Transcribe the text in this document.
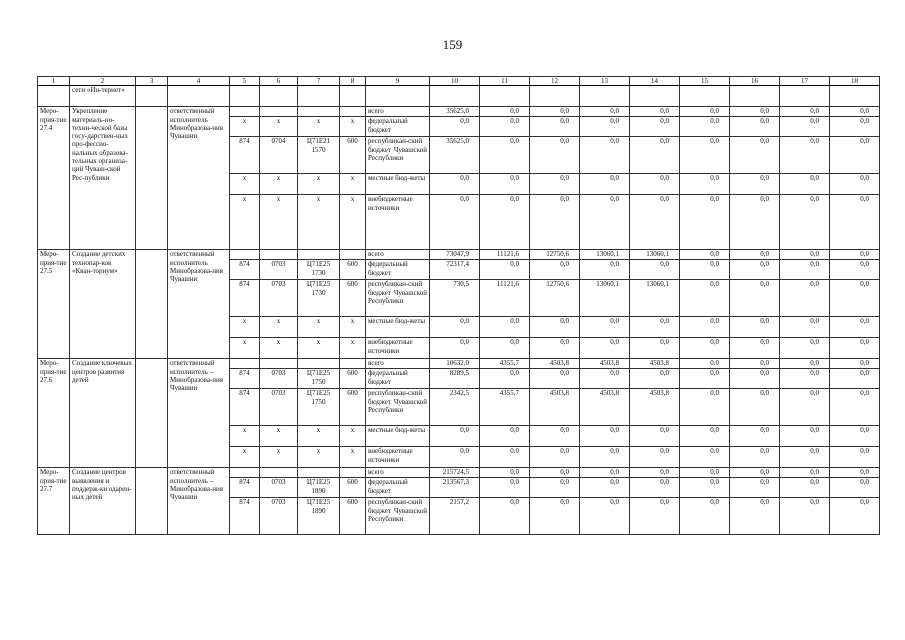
159
1	2	3	4	5	6	7	8	9	10	11	12	13	14	15	16	17	18
	сети «Ин-тернет»																
Меро-прия-тие 27.4	Укрепление материаль-но-техни-ческой базы госу-дарствен-ных про-фессио-нальных образова-тельных организа-ций Чуваш-ской Рес-публики		ответственный исполнитель Минобразова-ния Чувашии					всего	35625,0	0,0	0,0	0,0	0,0	0,0	0,0	0,0	0,0
				x	x	x	x	федеральный бюджет	0,0	0,0	0,0	0,0	0,0	0,0	0,0	0,0	0,0
				874	0704	Ц71Е21 1570	600	республикан-ский бюджет Чувашской Республики	35625,0	0,0	0,0	0,0	0,0	0,0	0,0	0,0	0,0
				x	x	x	x	местные бюд-жеты	0,0	0,0	0,0	0,0	0,0	0,0	0,0	0,0	0,0
				x	x	x	x	внебюджетные источники	0,0	0,0	0,0	0,0	0,0	0,0	0,0	0,0	0,0
Меро-прия-тие 27.5	Создание детских технопар-ков «Кван-ториум»		ответственный исполнитель Минобразова-ния Чувашии					всего	73047,9	11121,6	12750,6	13060,1	13060,1	0,0	0,0	0,0	0,0
				874	0703	Ц71Е25 1730	600	федеральный бюджет	72317,4	0,0	0,0	0,0	0,0	0,0	0,0	0,0	0,0
				874	0703	Ц71Е25 1730	600	республикан-ский бюджет Чувашской Республики	730,5	11121,6	12750,6	13060,1	13060,1	0,0	0,0	0,0	0,0
				x	x	x	x	местные бюд-жеты	0,0	0,0	0,0	0,0	0,0	0,0	0,0	0,0	0,0
				x	x	x	x	внебюджетные источники	0,0	0,0	0,0	0,0	0,0	0,0	0,0	0,0	0,0
Меро-прия-тие 27.6	Создание ключевых центров развития детей		ответственный исполнитель – Минобразова-ния Чувашии					всего	10632,0	4355,7	4503,8	4503,8	4503,8	0,0	0,0	0,0	0,0
				874	0703	Ц71Е25 1750	600	федеральный бюджет	8289,5	0,0	0,0	0,0	0,0	0,0	0,0	0,0	0,0
				874	0703	Ц71Е25 1750	600	республикан-ский бюджет Чувашской Республики	2342,5	4355,7	4503,8	4503,8	4503,8	0,0	0,0	0,0	0,0
				x	x	x	x	местные бюд-жеты	0,0	0,0	0,0	0,0	0,0	0,0	0,0	0,0	0,0
				x	x	x	x	внебюджетные источники	0,0	0,0	0,0	0,0	0,0	0,0	0,0	0,0	0,0
Меро-прия-тие 27.7	Создание центров выявления и поддерж-ки одарен-ных детей		ответственный исполнитель – Минобразова-ния Чувашии					всего	215724,5	0,0	0,0	0,0	0,0	0,0	0,0	0,0	0,0
				874	0703	Ц71Е25 1890	600	федеральный бюджет	213567,3	0,0	0,0	0,0	0,0	0,0	0,0	0,0	0,0
				874	0703	Ц71Е25 1890	600	республикан-ский бюджет Чувашской Республики	2157,2	0,0	0,0	0,0	0,0	0,0	0,0	0,0	0,0
